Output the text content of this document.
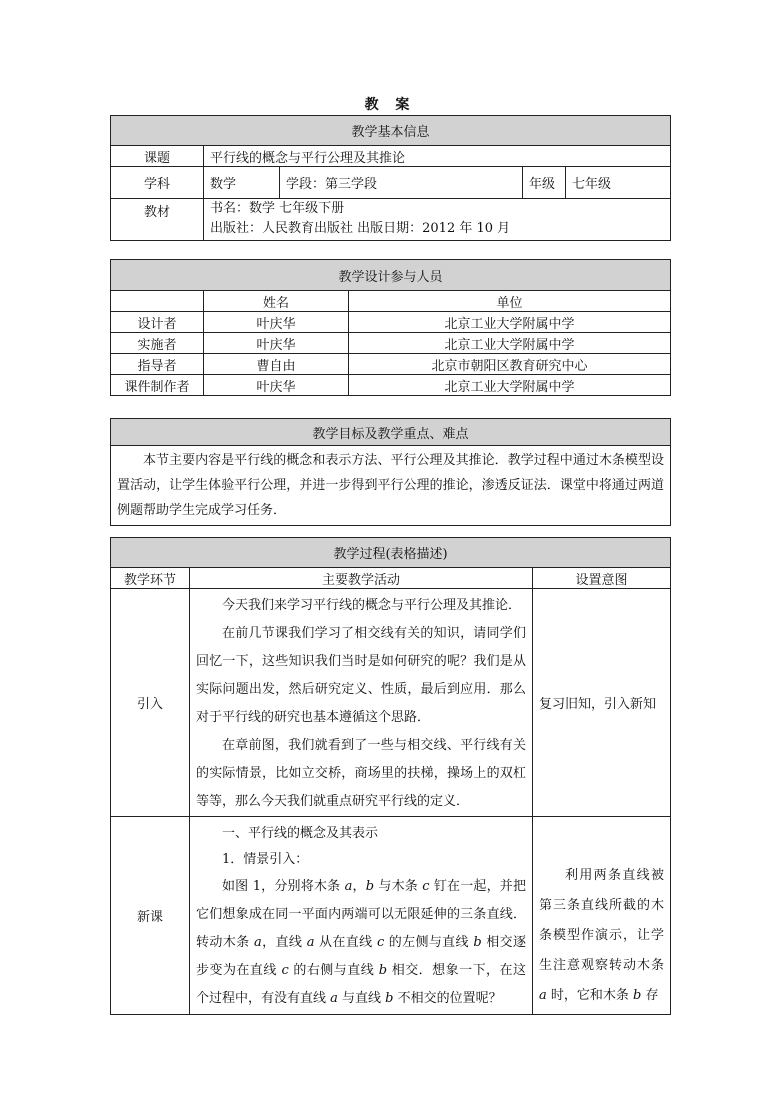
教 案
教学基本信息				
课题	平行线的概念与平行公理及其推论			
学科	数学	学段：第三学段	年级	七年级
教材	书名：数学 七年级下册
出版社：人民教育出版社 出版日期：2012 年 10 月			
教学设计参与人员		
	姓名	单位
设计者	叶庆华	北京工业大学附属中学
实施者	叶庆华	北京工业大学附属中学
指导者	曹自由	北京市朝阳区教育研究中心
课件制作者	叶庆华	北京工业大学附属中学
教学目标及教学重点、难点
本节主要内容是平行线的概念和表示方法、平行公理及其推论．教学过程中通过木条模型设置活动，让学生体验平行公理，并进一步得到平行公理的推论，渗透反证法．课堂中将通过两道例题帮助学生完成学习任务．
教学过程(表格描述)		
教学环节	主要教学活动	设置意图
引入	今天我们来学习平行线的概念与平行公理及其推论．
在前几节课我们学习了相交线有关的知识，请同学们回忆一下，这些知识我们当时是如何研究的呢？我们是从实际问题出发，然后研究定义、性质，最后到应用．那么对于平行线的研究也基本遵循这个思路．
在章前图，我们就看到了一些与相交线、平行线有关的实际情景，比如立交桥，商场里的扶梯，操场上的双杠等等，那么今天我们就重点研究平行线的定义．	复习旧知，引入新知
新课	一、平行线的概念及其表示
1．情景引入：
如图 1，分别将木条 a，b 与木条 c 钉在一起，并把它们想象成在同一平面内两端可以无限延伸的三条直线．转动木条 a，直线 a 从在直线 c 的左侧与直线 b 相交逐步变为在直线 c 的右侧与直线 b 相交．想象一下，在这个过程中，有没有直线 a 与直线 b 不相交的位置呢？	利用两条直线被第三条直线所截的木条模型作演示，让学生注意观察转动木条 a 时，它和木条 b 存
